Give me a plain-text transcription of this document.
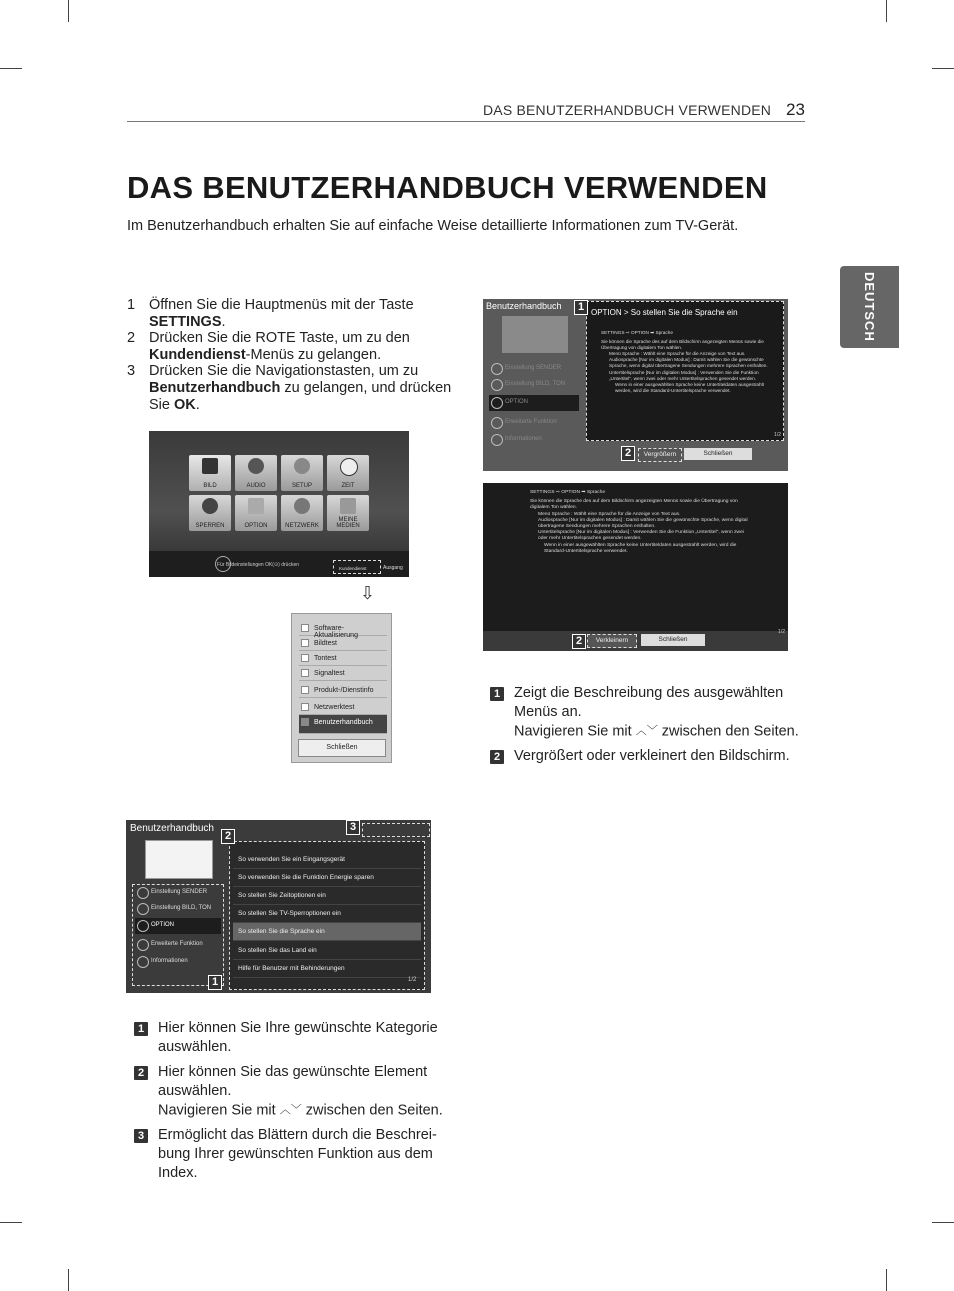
DAS BENUTZERHANDBUCH VERWENDEN 23
DAS BENUTZERHANDBUCH VERWENDEN
Im Benutzerhandbuch erhalten Sie auf einfache Weise detaillierte Informationen zum TV-Gerät.
DEUTSCH
1 Öffnen Sie die Hauptmenüs mit der Taste SETTINGS.
2 Drücken Sie die ROTE Taste, um zu den Kundendienst-Menüs zu gelangen.
3 Drücken Sie die Navigationstasten, um zu Benutzerhandbuch zu gelangen, und drücken Sie OK.
BILD	AUDIO	SETUP	ZEIT
SPERREN	OPTION	NETZWERK
MEINE MEDIEN
Für Bildeinstellungen OK(⊙) drücken
Kundendienst	Ausgang
⇩
Software-Aktualisierung
Bildtest
Tontest
Signaltest
Produkt-/Dienstinfo
Netzwerktest
Benutzerhandbuch
Schließen
Benutzerhandbuch
Einstellung SENDER
Einstellung BILD, TON
OPTION
Erweiterte Funktion
Informationen
So verwenden Sie ein Eingangsgerät
So verwenden Sie die Funktion Energie sparen
So stellen Sie Zeitoptionen ein
So stellen Sie TV-Sperroptionen ein
So stellen Sie die Sprache ein
So stellen Sie das Land ein
Hilfe für Benutzer mit Behinderungen
1/2
1
2
3
1 Hier können Sie Ihre gewünschte Kategorie auswählen.
2 Hier können Sie das gewünschte Element auswählen.
Navigieren Sie mit ︿﹀ zwischen den Seiten.
3 Ermöglicht das Blättern durch die Beschrei-bung Ihrer gewünschten Funktion aus dem Index.
Benutzerhandbuch
Einstellung SENDER
Einstellung BILD, TON
OPTION
Erweiterte Funktion
Informationen
OPTION > So stellen Sie die Sprache ein
SETTINGS ⇨ OPTION ➡ Sprache
Sie können die Sprache des auf dem Bildschirm angezeigten Menüs sowie die Übertragung von digitalem Ton wählen.
Menü Sprache : Wählt eine Sprache für die Anzeige von Text aus.
Audiosprache [Nur im digitalen Modus] : Damit wählen Sie die gewünschte Sprache, wenn digital übertragene Sendungen mehrere Sprachen enthalten.
Untertitelsprache [Nur im digitalen Modus] : Verwenden Sie die Funktion „Untertitel", wenn zwei oder mehr Untertitelsprachen gesendet werden.
Wenn in einer ausgewählten Sprache keine Untertiteldaten ausgestrahlt werden, wird die Standard-Untertitelsprache verwendet.
1/2
Vergrößern	Schließen
1
2
SETTINGS ⇨ OPTION ➡ Sprache
Sie können die Sprache des auf dem Bildschirm angezeigten Menüs sowie die Übertragung von digitalem Ton wählen.
Menü Sprache : Wählt eine Sprache für die Anzeige von Text aus.
Audiosprache [Nur im digitalen Modus] : Damit wählen Sie die gewünschte Sprache, wenn digital übertragene Sendungen mehrere Sprachen enthalten.
Untertitelsprache [Nur im digitalen Modus] : Verwenden Sie die Funktion „Untertitel", wenn zwei oder mehr Untertitelsprachen gesendet werden.
Wenn in einer ausgewählten Sprache keine Untertiteldaten ausgestrahlt werden, wird die Standard-Untertitelsprache verwendet.
Verkleinern	Schließen
1/2
2
1 Zeigt die Beschreibung des ausgewählten Menüs an.
Navigieren Sie mit ︿﹀ zwischen den Seiten.
2 Vergrößert oder verkleinert den Bildschirm.
